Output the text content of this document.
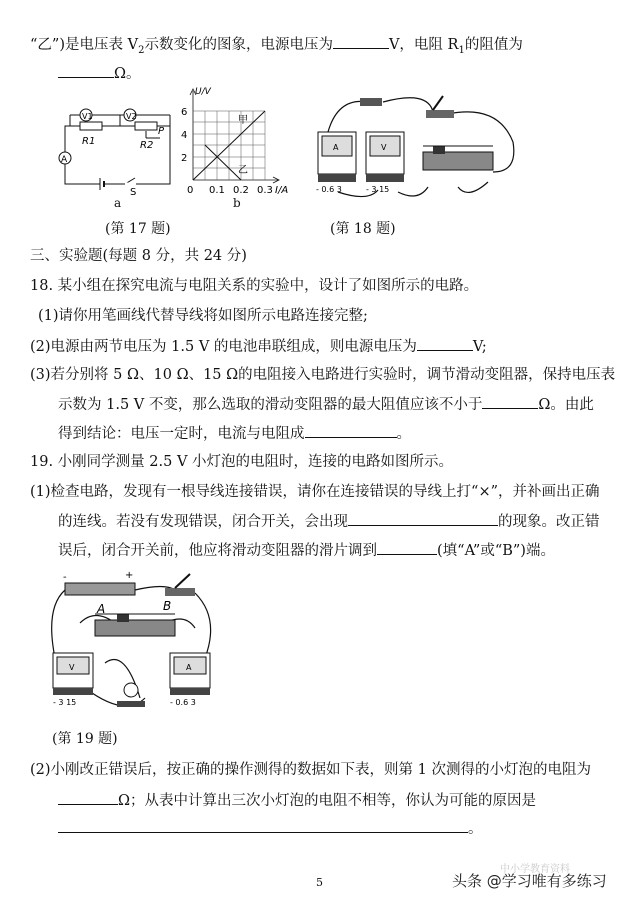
“乙”)是电压表 $V_2$示数变化的图象，电源电压为	V，电阻 $R_1$的阻值为
Ω。
V1	V2
R1	R2
P
A
S
a
U/V
6
4
2
0 0.1 0.2 0.3 I/A
甲
乙
b
(第 17 题)
A
- 0.6 3
V
- 3 15
(第 18 题)
三、实验题(每题 8 分，共 24 分)
18. 某小组在探究电流与电阻关系的实验中，设计了如图所示的电路。
(1)请你用笔画线代替导线将如图所示电路连接完整;
(2)电源由两节电压为 1.5 V 的电池串联组成，则电源电压为	V;
(3)若分别将 5 Ω、10 Ω、15 Ω的电阻接入电路进行实验时，调节滑动变阻器，保持电压表
示数为 1.5 V 不变，那么选取的滑动变阻器的最大阻值应该不小于	Ω。由此
得到结论：电压一定时，电流与电阻成	。
19. 小刚同学测量 2.5 V 小灯泡的电阻时，连接的电路如图所示。
(1)检查电路，发现有一根导线连接错误，请你在连接错误的导线上打“×”，并补画出正确
的连线。若没有发现错误，闭合开关，会出现	的现象。改正错
误后，闭合开关前，他应将滑动变阻器的滑片调到	(填“A”或“B”)端。
-	+
A	B
V
- 3 15
A
- 0.6 3
(第 19 题)
(2)小刚改正错误后，按正确的操作测得的数据如下表，则第 1 次测得的小灯泡的电阻为
Ω；从表中计算出三次小灯泡的电阻不相等，你认为可能的原因是
。
中小学教育资料
5	头条 @学习唯有多练习
